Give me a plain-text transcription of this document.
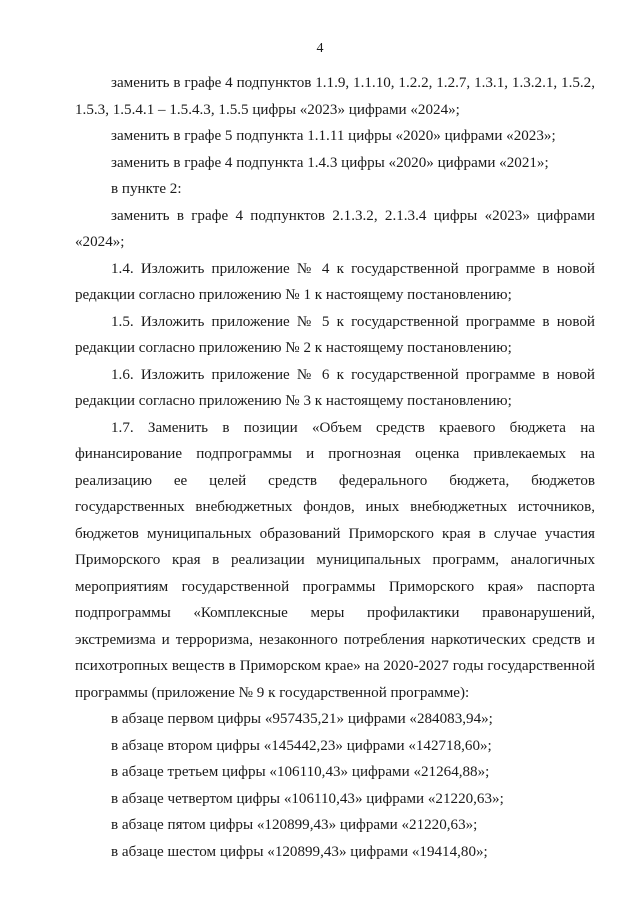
4

заменить в графе 4 подпунктов 1.1.9, 1.1.10, 1.2.2, 1.2.7, 1.3.1, 1.3.2.1, 1.5.2, 1.5.3, 1.5.4.1 – 1.5.4.3, 1.5.5 цифры «2023» цифрами «2024»;

заменить в графе 5 подпункта 1.1.11 цифры «2020» цифрами «2023»;

заменить в графе 4 подпункта 1.4.3 цифры «2020» цифрами «2021»;

в пункте 2:

заменить в графе 4 подпунктов 2.1.3.2, 2.1.3.4 цифры «2023» цифрами «2024»;

1.4. Изложить приложение № 4 к государственной программе в новой редакции согласно приложению № 1 к настоящему постановлению;

1.5. Изложить приложение № 5 к государственной программе в новой редакции согласно приложению № 2 к настоящему постановлению;

1.6. Изложить приложение № 6 к государственной программе в новой редакции согласно приложению № 3 к настоящему постановлению;

1.7. Заменить в позиции «Объем средств краевого бюджета на финансирование подпрограммы и прогнозная оценка привлекаемых на реализацию ее целей средств федерального бюджета, бюджетов государственных внебюджетных фондов, иных внебюджетных источников, бюджетов муниципальных образований Приморского края в случае участия Приморского края в реализации муниципальных программ, аналогичных мероприятиям государственной программы Приморского края» паспорта подпрограммы «Комплексные меры профилактики правонарушений, экстремизма и терроризма, незаконного потребления наркотических средств и психотропных веществ в Приморском крае» на 2020-2027 годы государственной программы (приложение № 9 к государственной программе):

в абзаце первом цифры «957435,21» цифрами «284083,94»;

в абзаце втором цифры «145442,23» цифрами «142718,60»;

в абзаце третьем цифры «106110,43» цифрами «21264,88»;

в абзаце четвертом цифры «106110,43» цифрами «21220,63»;

в абзаце пятом цифры «120899,43» цифрами «21220,63»;

в абзаце шестом цифры «120899,43» цифрами «19414,80»;
